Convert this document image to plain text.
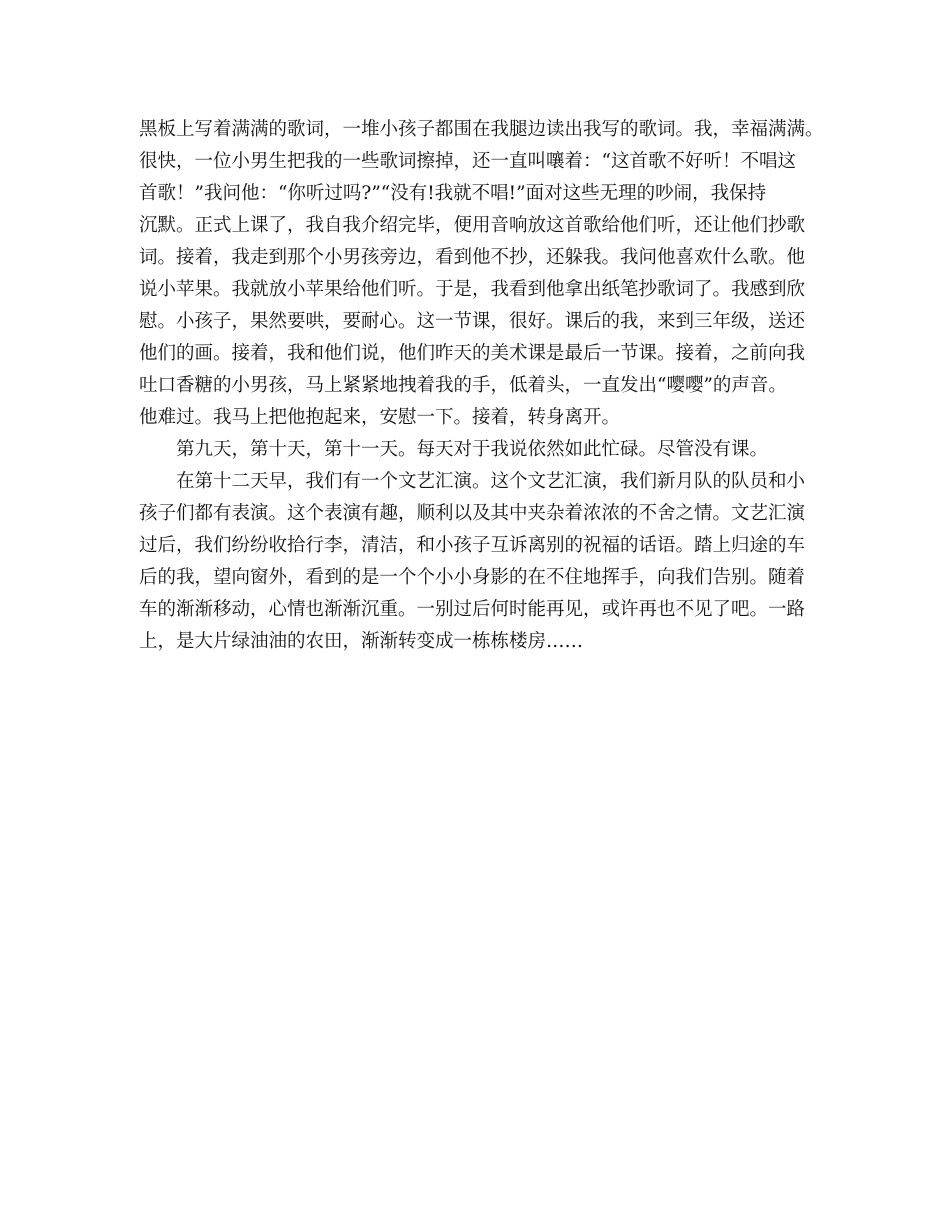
黑板上写着满满的歌词，一堆小孩子都围在我腿边读出我写的歌词。我，幸福满满。
很快，一位小男生把我的一些歌词擦掉，还一直叫嚷着：“这首歌不好听！不唱这
首歌！”我问他：“你听过吗?”“没有!我就不唱!”面对这些无理的吵闹，我保持
沉默。正式上课了，我自我介绍完毕，便用音响放这首歌给他们听，还让他们抄歌
词。接着，我走到那个小男孩旁边，看到他不抄，还躲我。我问他喜欢什么歌。他
说小苹果。我就放小苹果给他们听。于是，我看到他拿出纸笔抄歌词了。我感到欣
慰。小孩子，果然要哄，要耐心。这一节课，很好。课后的我，来到三年级，送还
他们的画。接着，我和他们说，他们昨天的美术课是最后一节课。接着，之前向我
吐口香糖的小男孩，马上紧紧地拽着我的手，低着头，一直发出“嘤嘤”的声音。
他难过。我马上把他抱起来，安慰一下。接着，转身离开。
第九天，第十天，第十一天。每天对于我说依然如此忙碌。尽管没有课。
在第十二天早，我们有一个文艺汇演。这个文艺汇演，我们新月队的队员和小
孩子们都有表演。这个表演有趣，顺利以及其中夹杂着浓浓的不舍之情。文艺汇演
过后，我们纷纷收拾行李，清洁，和小孩子互诉离别的祝福的话语。踏上归途的车
后的我，望向窗外，看到的是一个个小小身影的在不住地挥手，向我们告别。随着
车的渐渐移动，心情也渐渐沉重。一别过后何时能再见，或许再也不见了吧。一路
上，是大片绿油油的农田，渐渐转变成一栋栋楼房……
